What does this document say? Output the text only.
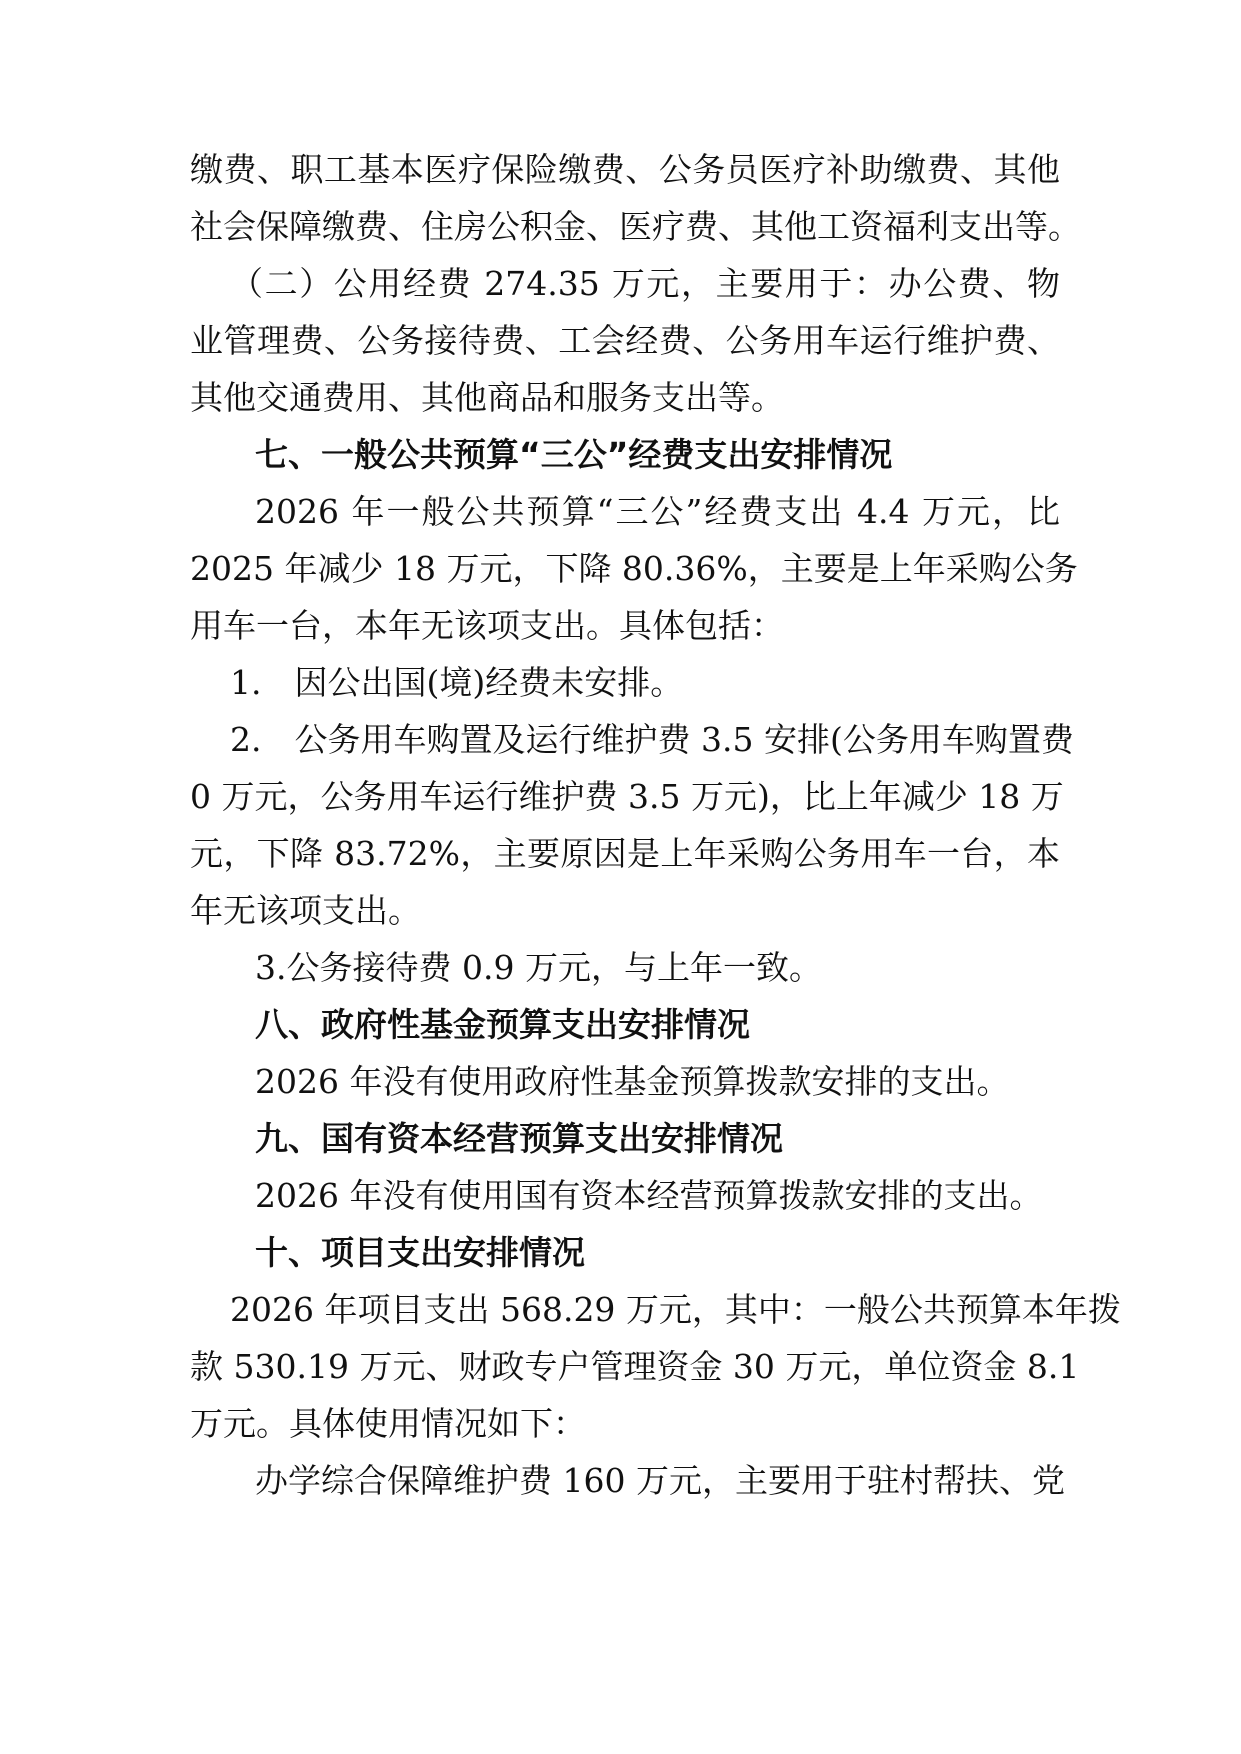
缴费、职工基本医疗保险缴费、公务员医疗补助缴费、其他
社会保障缴费、住房公积金、医疗费、其他工资福利支出等。
（二）公用经费 274.35 万元，主要用于：办公费、物
业管理费、公务接待费、工会经费、公务用车运行维护费、
其他交通费用、其他商品和服务支出等。
七、一般公共预算“三公”经费支出安排情况
2026 年一般公共预算“三公”经费支出 4.4 万元，比
2025 年减少 18 万元，下降 80.36%，主要是上年采购公务
用车一台，本年无该项支出。具体包括：
1.　因公出国(境)经费未安排。
2.　公务用车购置及运行维护费 3.5 安排(公务用车购置费
0 万元，公务用车运行维护费 3.5 万元)，比上年减少 18 万
元，下降 83.72%，主要原因是上年采购公务用车一台，本
年无该项支出。
3.公务接待费 0.9 万元，与上年一致。
八、政府性基金预算支出安排情况
2026 年没有使用政府性基金预算拨款安排的支出。
九、国有资本经营预算支出安排情况
2026 年没有使用国有资本经营预算拨款安排的支出。
十、项目支出安排情况
2026 年项目支出 568.29 万元，其中：一般公共预算本年拨
款 530.19 万元、财政专户管理资金 30 万元，单位资金 8.1
万元。具体使用情况如下：
办学综合保障维护费 160 万元，主要用于驻村帮扶、党
